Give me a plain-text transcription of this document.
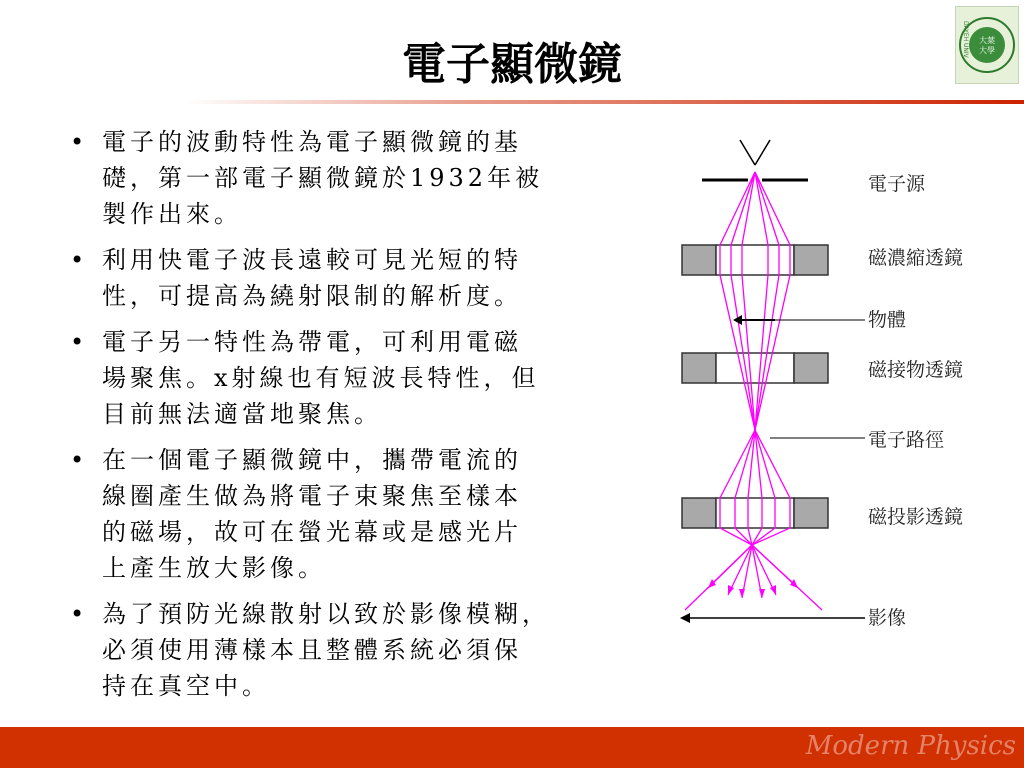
電子顯微鏡	大葉
大學
DAYEH UNIV
• 電子的波動特性為電子顯微鏡的基
礎，第一部電子顯微鏡於1932年被
製作出來。
• 利用快電子波長遠較可見光短的特
性，可提高為繞射限制的解析度。
• 電子另一特性為帶電，可利用電磁
場聚焦。x射線也有短波長特性，但
目前無法適當地聚焦。
• 在一個電子顯微鏡中，攜帶電流的
線圈產生做為將電子束聚焦至樣本
的磁場，故可在螢光幕或是感光片
上產生放大影像。
• 為了預防光線散射以致於影像模糊，
必須使用薄樣本且整體系統必須保
持在真空中。
電子源
磁濃縮透鏡
物體
磁接物透鏡
電子路徑
磁投影透鏡
影像
Modern Physics
